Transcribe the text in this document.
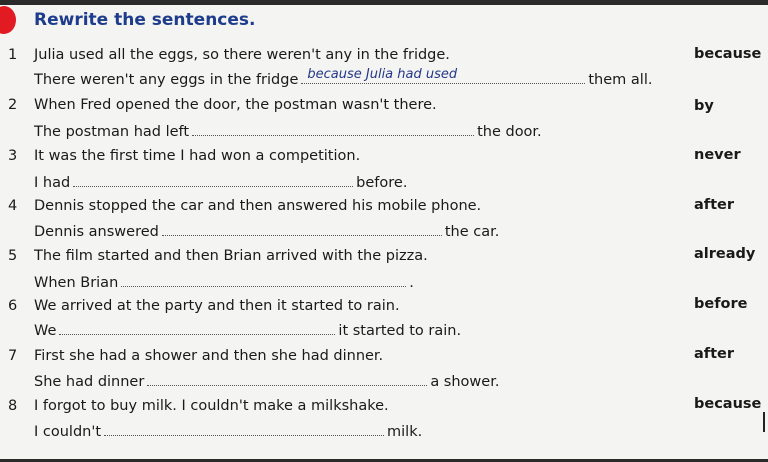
Rewrite the sentences.
1 Julia used all the eggs, so there weren't any in the fridge.
There weren't any eggs in the fridge because Julia had used	them all.
because
2 When Fred opened the door, the postman wasn't there.
The postman had left	the door.
by
3 It was the first time I had won a competition.
I had	before.
never
4 Dennis stopped the car and then answered his mobile phone.
Dennis answered	the car.
after
5 The film started and then Brian arrived with the pizza.
When Brian	.
already
6 We arrived at the party and then it started to rain.
We	it started to rain.
before
7 First she had a shower and then she had dinner.
She had dinner	a shower.
after
8 I forgot to buy milk. I couldn't make a milkshake.
I couldn't	milk.
because
